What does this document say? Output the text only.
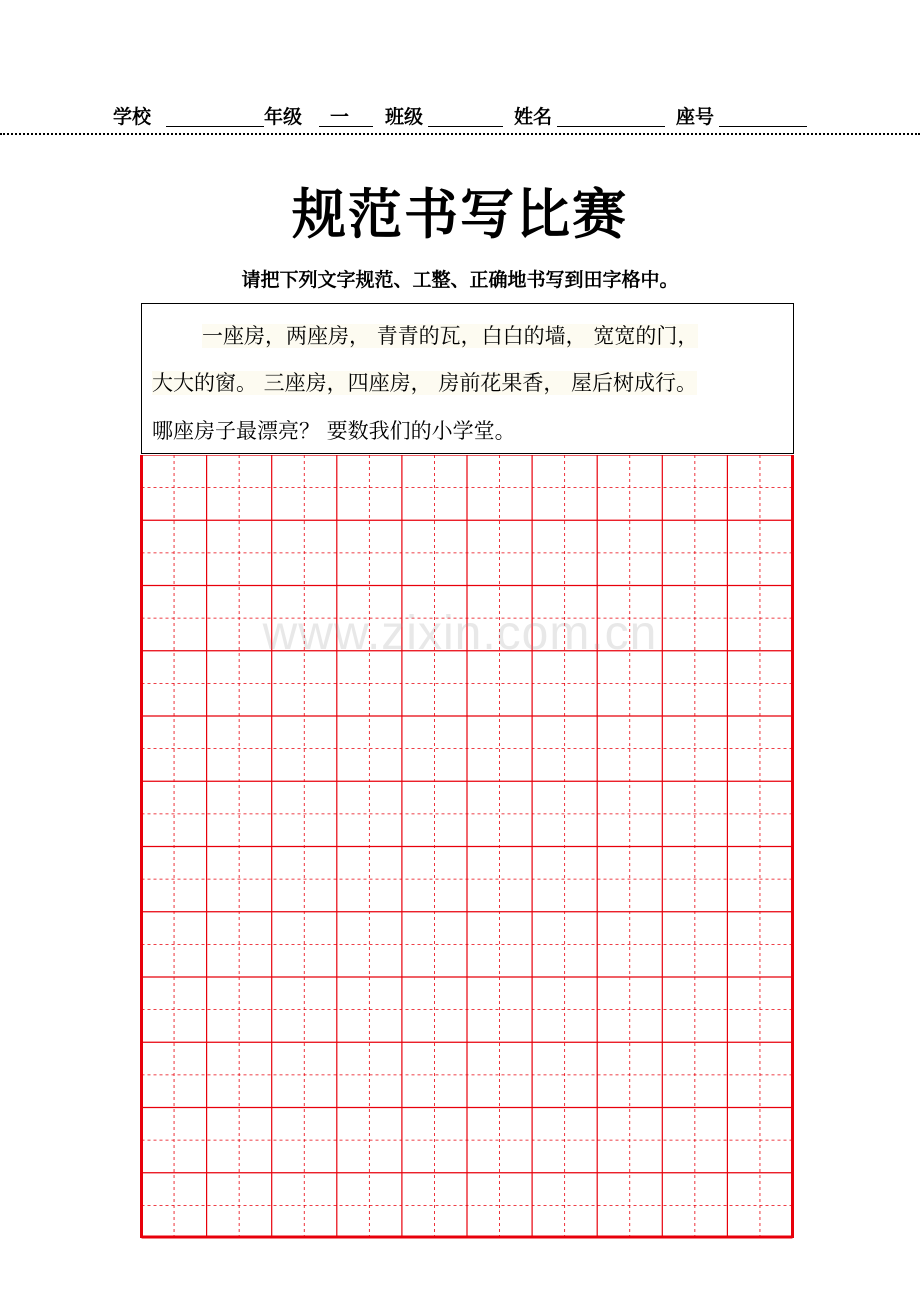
学校	年级 一 班级	姓名	座号
规范书写比赛
请把下列文字规范、工整、正确地书写到田字格中。
一座房，两座房， 青青的瓦，白白的墙， 宽宽的门，
大大的窗。 三座房，四座房， 房前花果香， 屋后树成行。
哪座房子最漂亮？ 要数我们的小学堂。
www.zixin.com.cn
